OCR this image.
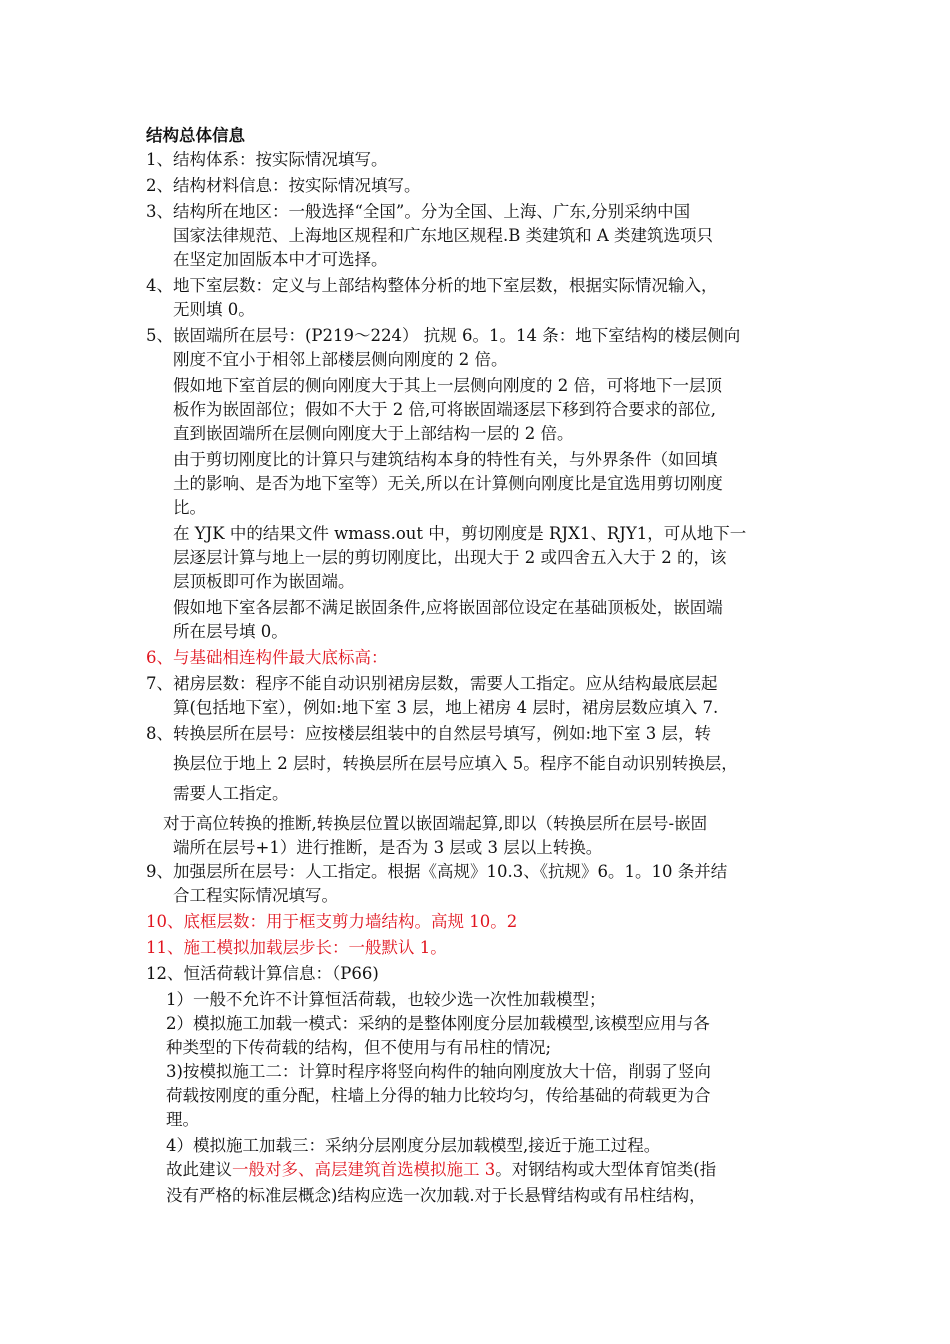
结构总体信息
1、结构体系：按实际情况填写。
2、结构材料信息：按实际情况填写。
3、结构所在地区：一般选择“全国”。分为全国、上海、广东,分别采纳中国
国家法律规范、上海地区规程和广东地区规程.B 类建筑和 A 类建筑选项只
在坚定加固版本中才可选择。
4、地下室层数：定义与上部结构整体分析的地下室层数，根据实际情况输入，
无则填 0。
5、嵌固端所在层号：(P219～224） 抗规 6。1。14 条：地下室结构的楼层侧向
刚度不宜小于相邻上部楼层侧向刚度的 2 倍。
假如地下室首层的侧向刚度大于其上一层侧向刚度的 2 倍，可将地下一层顶
板作为嵌固部位；假如不大于 2 倍,可将嵌固端逐层下移到符合要求的部位,
直到嵌固端所在层侧向刚度大于上部结构一层的 2 倍。
由于剪切刚度比的计算只与建筑结构本身的特性有关，与外界条件（如回填
土的影响、是否为地下室等）无关,所以在计算侧向刚度比是宜选用剪切刚度
比。
在 YJK 中的结果文件 wmass.out 中，剪切刚度是 RJX1、RJY1，可从地下一
层逐层计算与地上一层的剪切刚度比，出现大于 2 或四舍五入大于 2 的，该
层顶板即可作为嵌固端。
假如地下室各层都不满足嵌固条件,应将嵌固部位设定在基础顶板处，嵌固端
所在层号填 0。
6、与基础相连构件最大底标高：
7、裙房层数：程序不能自动识别裙房层数，需要人工指定。应从结构最底层起
算(包括地下室），例如:地下室 3 层，地上裙房 4 层时，裙房层数应填入 7.
8、转换层所在层号：应按楼层组装中的自然层号填写，例如:地下室 3 层，转
换层位于地上 2 层时，转换层所在层号应填入 5。程序不能自动识别转换层，
需要人工指定。
对于高位转换的推断,转换层位置以嵌固端起算,即以（转换层所在层号-嵌固
端所在层号+1）进行推断，是否为 3 层或 3 层以上转换。
9、加强层所在层号：人工指定。根据《高规》10.3、《抗规》6。1。10 条并结
合工程实际情况填写。
10、底框层数：用于框支剪力墙结构。高规 10。2
11、施工模拟加载层步长：一般默认 1。
12、恒活荷载计算信息：（P66)
1）一般不允许不计算恒活荷载，也较少选一次性加载模型；
2）模拟施工加载一模式：采纳的是整体刚度分层加载模型,该模型应用与各
种类型的下传荷载的结构，但不使用与有吊柱的情况;
3)按模拟施工二：计算时程序将竖向构件的轴向刚度放大十倍，削弱了竖向
荷载按刚度的重分配，柱墙上分得的轴力比较均匀，传给基础的荷载更为合
理。
4）模拟施工加载三：采纳分层刚度分层加载模型,接近于施工过程。
故此建议一般对多、高层建筑首选模拟施工 3。对钢结构或大型体育馆类(指
没有严格的标准层概念)结构应选一次加载.对于长悬臂结构或有吊柱结构，
